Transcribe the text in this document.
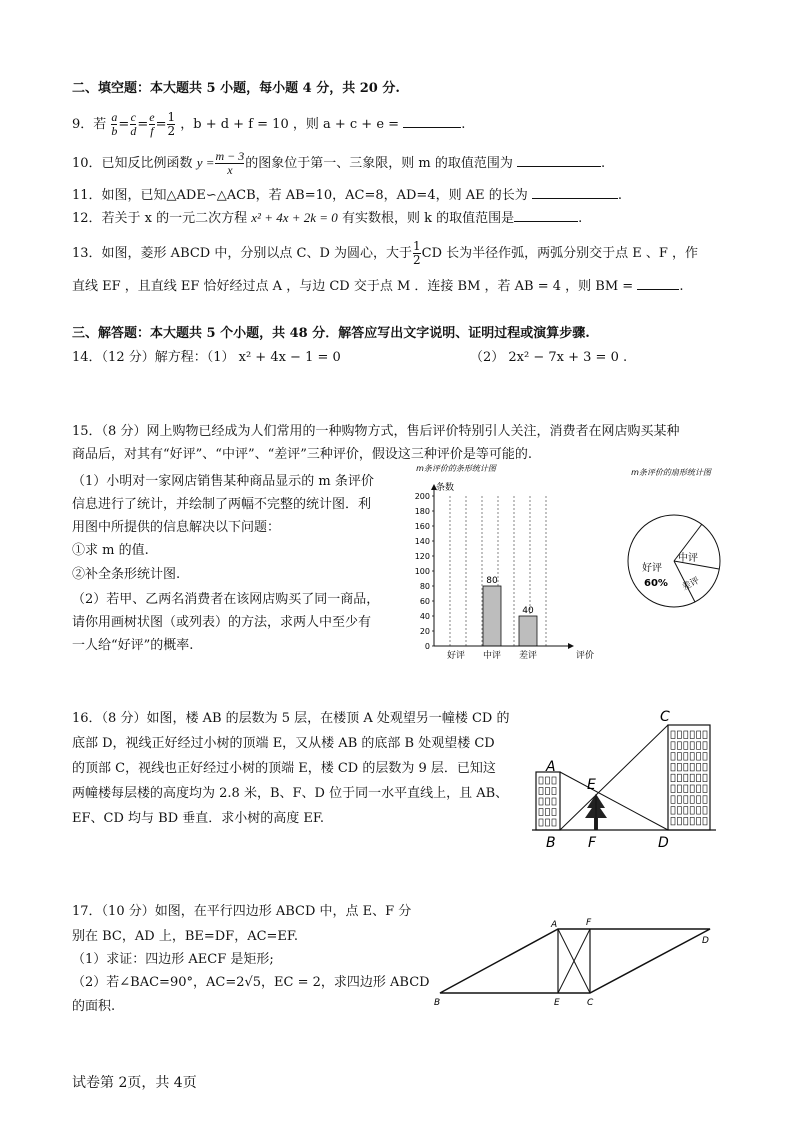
二、填空题：本大题共 5 小题，每小题 4 分，共 20 分.
9．若 $\frac{a}{b} = \frac{c}{d} = \frac{e}{f} = \frac{1}{2}$ ，b + d + f = 10 ，则 a + c + e =	.
10．已知反比例函数 $y = \frac{m - 3}{x}$ 的图象位于第一、三象限，则 m 的取值范围为	.
11．如图，已知△ADE∽△ACB，若 AB=10，AC=8，AD=4，则 AE 的长为	.
12．若关于 x 的一元二次方程 x² + 4x + 2k = 0 有实数根，则 k 的取值范围是	.
13．如图，菱形 ABCD 中，分别以点 C、D 为圆心，大于 $\frac{1}{2}$ CD 长为半径作弧，两弧分别交于点 E 、F ，作
直线 EF ，且直线 EF 恰好经过点 A ，与边 CD 交于点 M ．连接 BM ，若 AB = 4 ，则 BM =	.
三、解答题：本大题共 5 个小题，共 48 分．解答应写出文字说明、证明过程或演算步骤.
14．（12 分）解方程：（1） x² + 4x − 1 = 0	（2） 2x² − 7x + 3 = 0 .
15．（8 分）网上购物已经成为人们常用的一种购物方式，售后评价特别引人关注，消费者在网店购买某种
商品后，对其有“好评”、“中评”、“差评”三种评价，假设这三种评价是等可能的.
（1）小明对一家网店销售某种商品显示的 m 条评价
信息进行了统计，并绘制了两幅不完整的统计图．利
用图中所提供的信息解决以下问题：
①求 m 的值.
②补全条形统计图.
（2）若甲、乙两名消费者在该网店购买了同一商品，
请你用画树状图（或列表）的方法，求两人中至少有
一人给“好评”的概率.
m条评价的条形统计图
条数
80
40
0
20
40
60
80
100
120
140
160
180
200
评价
好评 中评 差评
m条评价的扇形统计图
好评
60%
中评
差评
16．（8 分）如图，楼 AB 的层数为 5 层，在楼顶 A 处观望另一幢楼 CD 的
底部 D，视线正好经过小树的顶端 E，又从楼 AB 的底部 B 处观望楼 CD
的顶部 C，视线也正好经过小树的顶端 E，楼 CD 的层数为 9 层．已知这
两幢楼每层楼的高度均为 2.8 米，B、F、D 位于同一水平直线上，且 AB、
EF、CD 均与 BD 垂直．求小树的高度 EF.
A
B
C
D
E
F
17．（10 分）如图，在平行四边形 ABCD 中，点 E、F 分
别在 BC，AD 上，BE=DF，AC=EF.
（1）求证：四边形 AECF 是矩形;
（2）若∠BAC=90°，AC=2√5，EC = 2，求四边形 ABCD
的面积.
A	F
D
B	E	C
试卷第 2页，共 4页
